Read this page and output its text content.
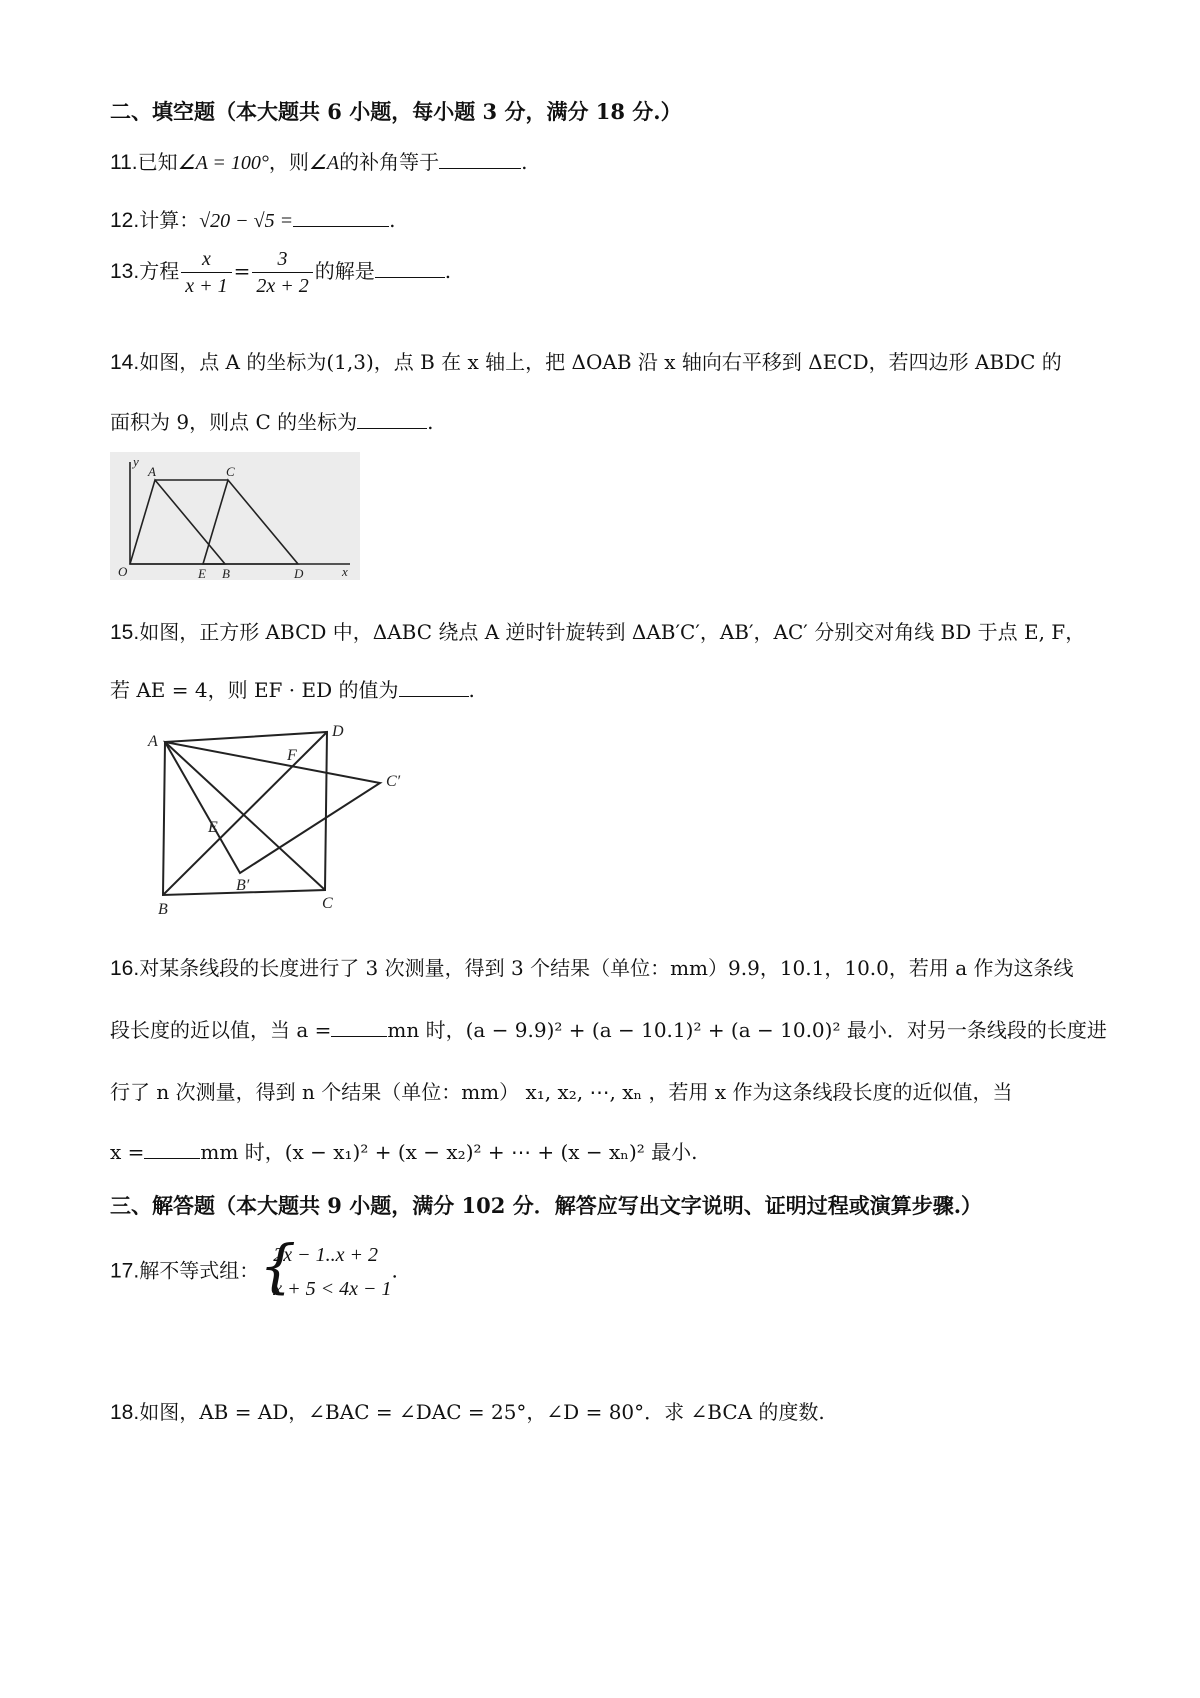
二、填空题（本大题共 6 小题，每小题 3 分，满分 18 分.）
11.已知∠A = 100°，则∠A的补角等于	.
12.计算：√20 − √5 =	.
13.方程 $\frac{x}{x + 1} = \frac{3}{2x + 2}$ 的解是	.
14.如图，点 A 的坐标为(1,3)，点 B 在 x 轴上，把 ΔOAB 沿 x 轴向右平移到 ΔECD，若四边形 ABDC 的
面积为 9，则点 C 的坐标为	.
y
A	C
O	E B	D	x
15.如图，正方形 ABCD 中，ΔABC 绕点 A 逆时针旋转到 ΔAB′C′，AB′，AC′ 分别交对角线 BD 于点 E, F，
若 AE = 4，则 EF · ED 的值为	.
A
D
F
C′
E
B′
B	C
16.对某条线段的长度进行了 3 次测量，得到 3 个结果（单位：mm）9.9，10.1，10.0，若用 a 作为这条线
段长度的近以值，当 a =	mn 时，(a − 9.9)² + (a − 10.1)² + (a − 10.0)² 最小．对另一条线段的长度进
行了 n 次测量，得到 n 个结果（单位：mm） x₁, x₂, ⋯, xₙ ，若用 x 作为这条线段长度的近似值，当
x =	mm 时，(x − x₁)² + (x − x₂)² + ⋯ + (x − xₙ)² 最小.
三、解答题（本大题共 9 小题，满分 102 分．解答应写出文字说明、证明过程或演算步骤.）
17.解不等式组： {
2x − 1..x + 2
x + 5 < 4x − 1
.
18.如图，AB = AD，∠BAC = ∠DAC = 25°，∠D = 80°．求 ∠BCA 的度数.
